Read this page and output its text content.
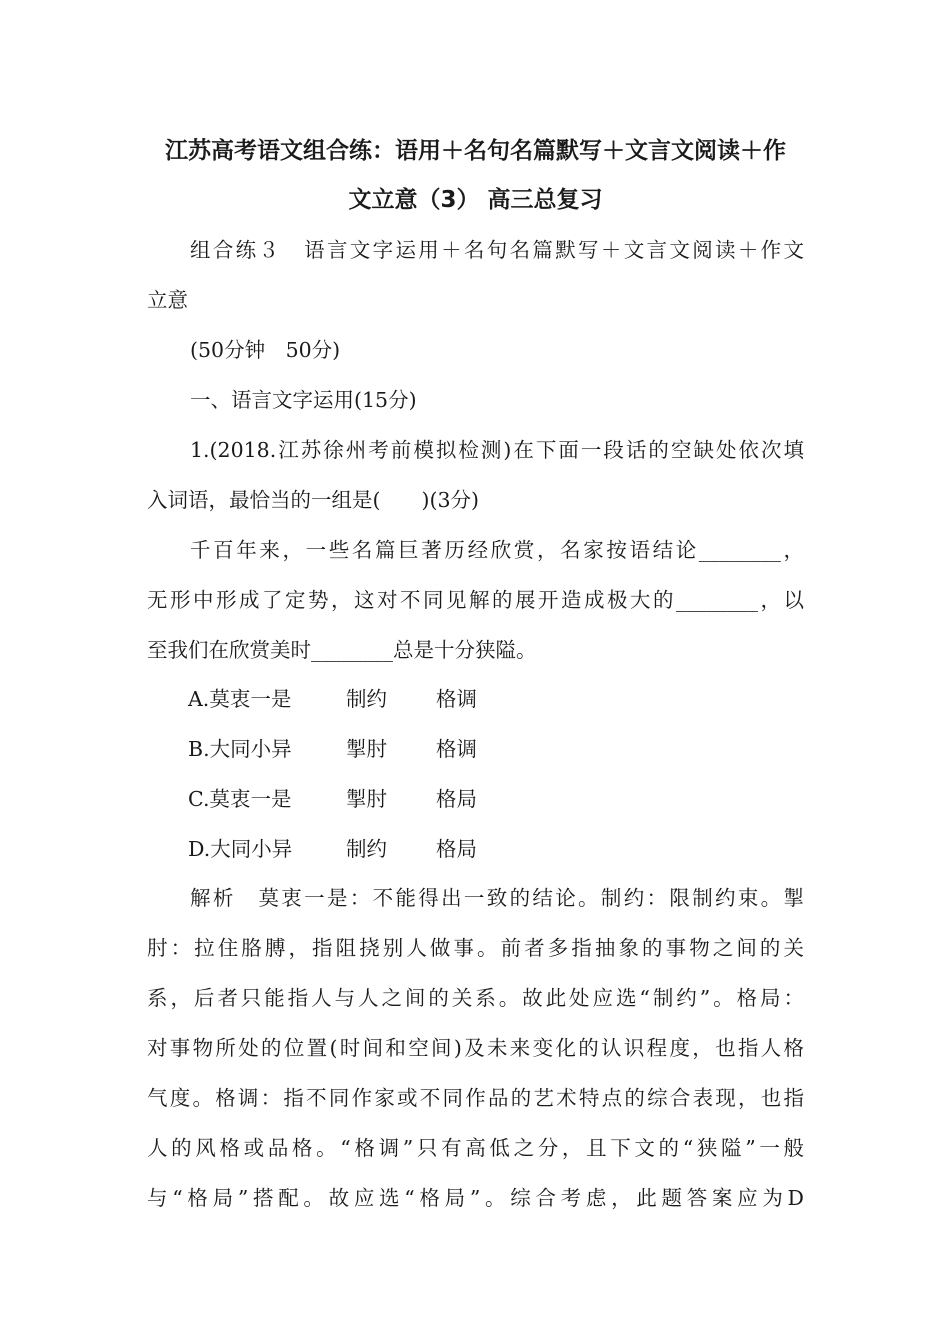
江苏高考语文组合练：语用＋名句名篇默写＋文言文阅读＋作
文立意（3） 高三总复习
组合练３　语言文字运用＋名句名篇默写＋文言文阅读＋作文
立意
(50分钟　50分)
一、语言文字运用(15分)
1.(2018.江苏徐州考前模拟检测)在下面一段话的空缺处依次填
入词语，最恰当的一组是(　　)(3分)
千百年来，一些名篇巨著历经欣赏，名家按语结论________，
无形中形成了定势，这对不同见解的展开造成极大的________，以
至我们在欣赏美时________总是十分狭隘。
A.莫衷一是	制约 格调
B.大同小异	掣肘 格调
C.莫衷一是	掣肘 格局
D.大同小异	制约 格局
解析　莫衷一是：不能得出一致的结论。制约：限制约束。掣
肘：拉住胳膊，指阻挠别人做事。前者多指抽象的事物之间的关
系，后者只能指人与人之间的关系。故此处应选“制约”。格局：
对事物所处的位置(时间和空间)及未来变化的认识程度，也指人格
气度。格调：指不同作家或不同作品的艺术特点的综合表现，也指
人的风格或品格。“格调”只有高低之分，且下文的“狭隘”一般
与“格局”搭配。故应选“格局”。综合考虑，此题答案应为D
